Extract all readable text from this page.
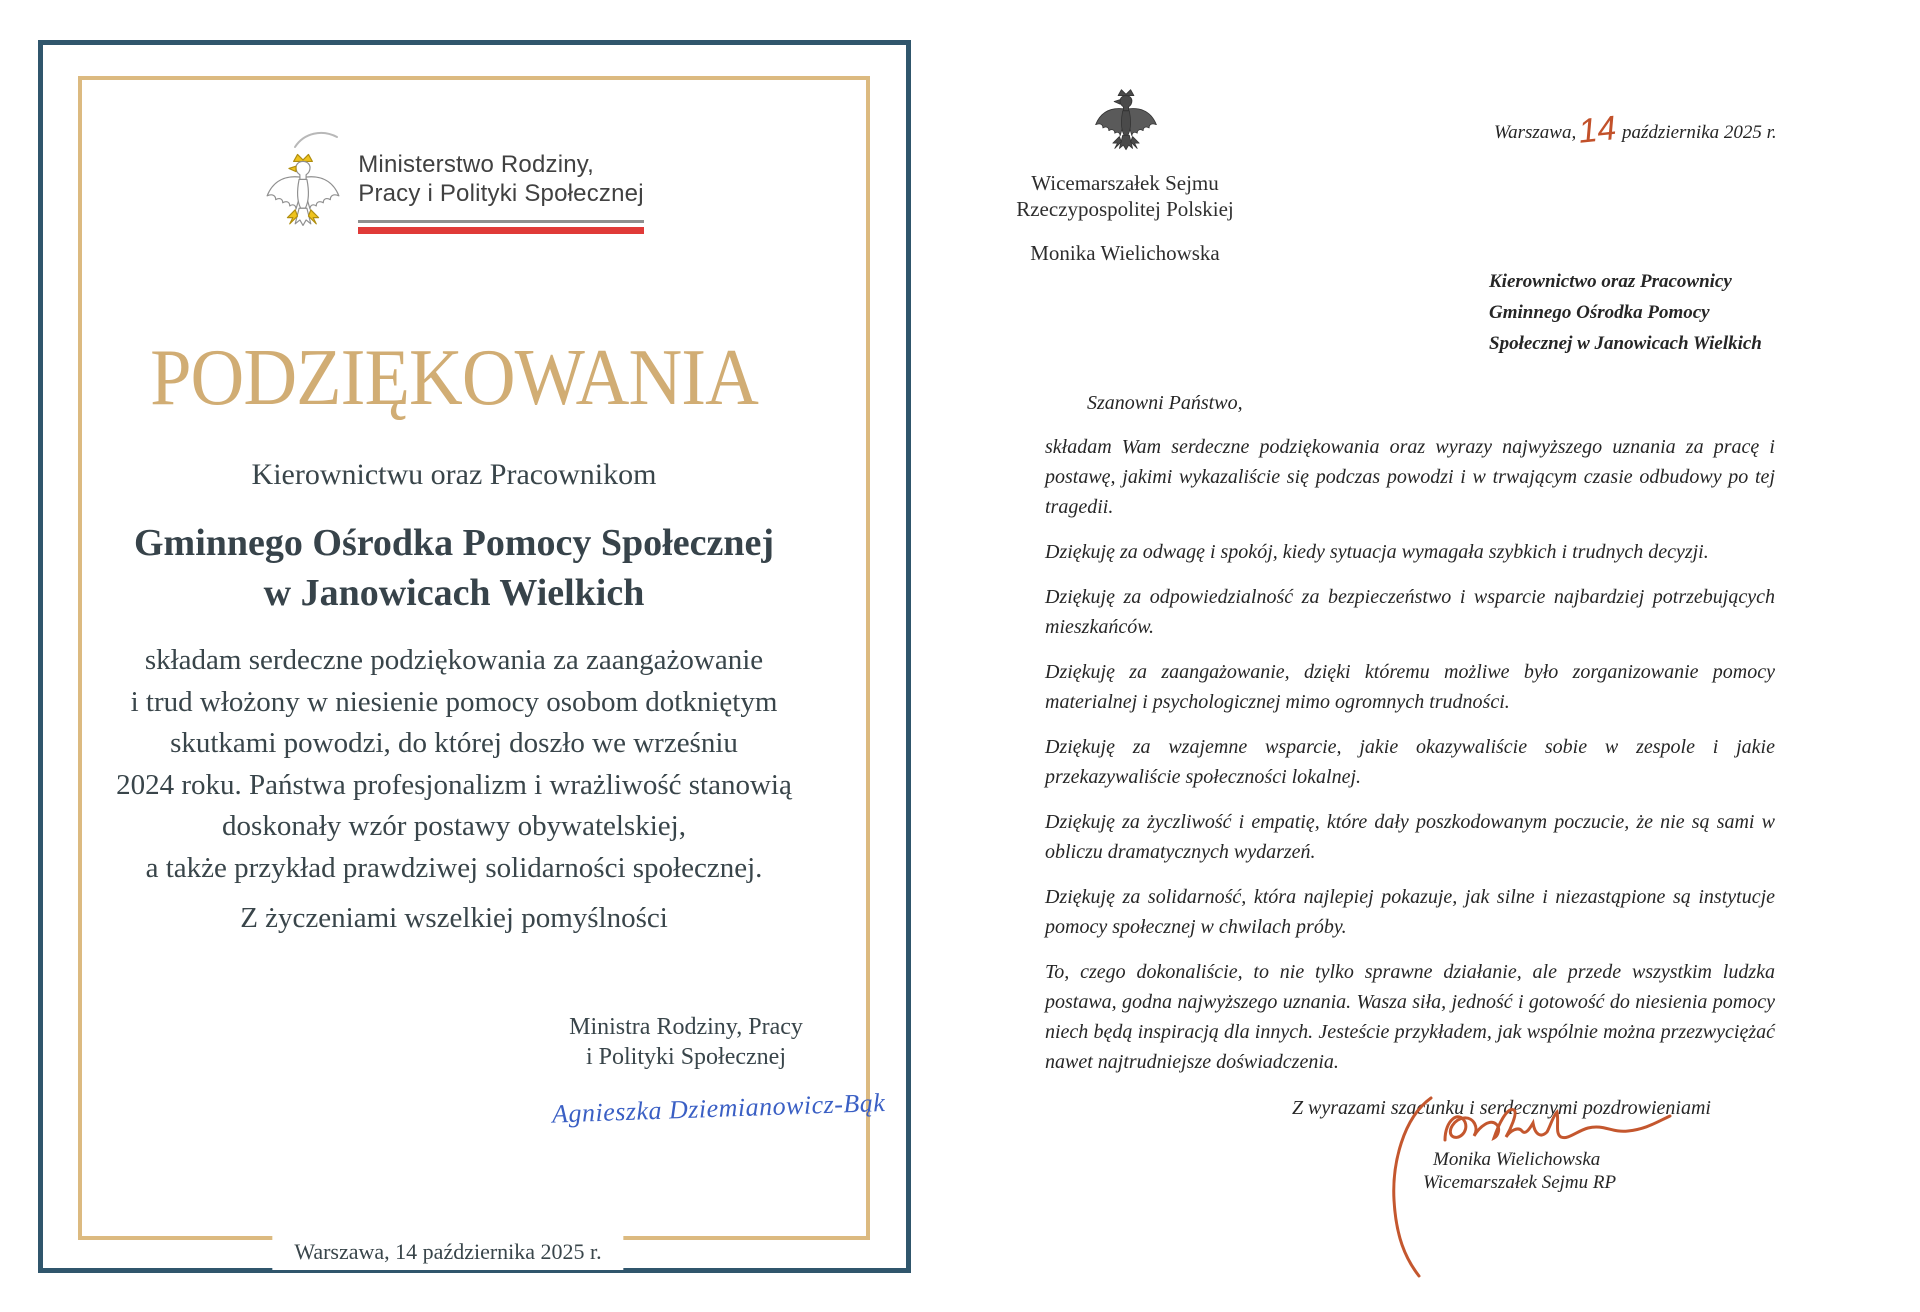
Ministerstwo Rodziny,
Pracy i Polityki Społecznej
PODZIĘKOWANIA
Kierownictwu oraz Pracownikom
Gminnego Ośrodka Pomocy Społecznej
w Janowicach Wielkich
składam serdeczne podziękowania za zaangażowanie
i trud włożony w niesienie pomocy osobom dotkniętym
skutkami powodzi, do której doszło we wrześniu
2024 roku. Państwa profesjonalizm i wrażliwość stanowią
doskonały wzór postawy obywatelskiej,
a także przykład prawdziwej solidarności społecznej.
Z życzeniami wszelkiej pomyślności
Ministra Rodziny, Pracy
i Polityki Społecznej
Agnieszka Dziemianowicz-Bąk
Warszawa, 14 października 2025 r.
Wicemarszałek Sejmu
Rzeczypospolitej Polskiej
Monika Wielichowska
Warszawa,14 października 2025 r.
Kierownictwo oraz Pracownicy
Gminnego Ośrodka Pomocy
Społecznej w Janowicach Wielkich
Szanowni Państwo,

składam Wam serdeczne podziękowania oraz wyrazy najwyższego uznania za pracę i postawę, jakimi wykazaliście się podczas powodzi i w trwającym czasie odbudowy po tej tragedii.

Dziękuję za odwagę i spokój, kiedy sytuacja wymagała szybkich i trudnych decyzji.

Dziękuję za odpowiedzialność za bezpieczeństwo i wsparcie najbardziej potrzebujących mieszkańców.

Dziękuję za zaangażowanie, dzięki któremu możliwe było zorganizowanie pomocy materialnej i psychologicznej mimo ogromnych trudności.

Dziękuję za wzajemne wsparcie, jakie okazywaliście sobie w zespole i jakie przekazywaliście społeczności lokalnej.

Dziękuję za życzliwość i empatię, które dały poszkodowanym poczucie, że nie są sami w obliczu dramatycznych wydarzeń.

Dziękuję za solidarność, która najlepiej pokazuje, jak silne i niezastąpione są instytucje pomocy społecznej w chwilach próby.

To, czego dokonaliście, to nie tylko sprawne działanie, ale przede wszystkim ludzka postawa, godna najwyższego uznania. Wasza siła, jedność i gotowość do niesienia pomocy niech będą inspiracją dla innych. Jesteście przykładem, jak wspólnie można przezwyciężać nawet najtrudniejsze doświadczenia.

Z wyrazami szacunku i serdecznymi pozdrowieniami
Monika Wielichowska
Wicemarszałek Sejmu RP
